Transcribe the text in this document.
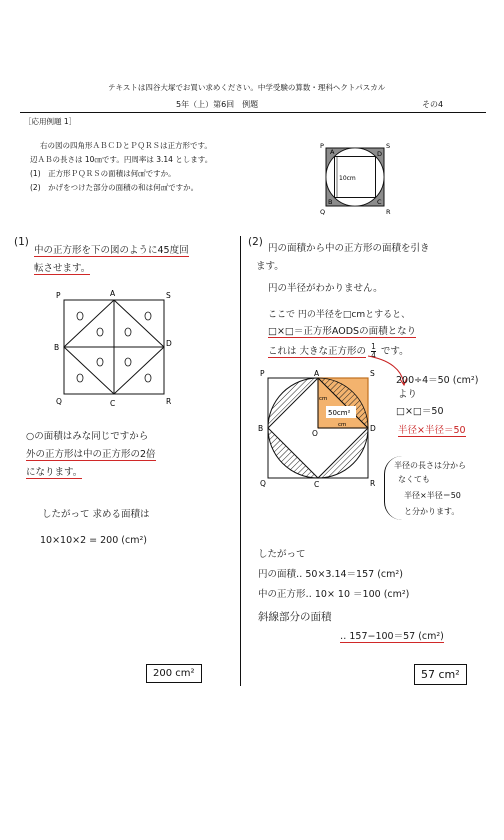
テキストは四谷大塚でお買い求めください。中学受験の算数・理科ヘクトパスカル
5年（上）第6回　例題	その4
［応用例題 1］
右の図の四角形ＡＢＣＤとＰＱＲＳは正方形です。
辺ＡＢの長さは 10㎝です。円周率は 3.14 とします。
(1)　正方形ＰＱＲＳの面積は何㎠ですか。
(2)　かげをつけた部分の面積の和は何㎠ですか。
P
A
S
D
B
Q
C
R
10cm
(1)
中の正方形を下の図のように45度回
転させます。
P	A	S
B	D
Q	C	R
○の面積はみな同じですから
外の正方形は中の正方形の2倍
になります。
したがって 求める面積は
10×10×2 = 200 (cm²)
200 cm²
(2)
円の面積から中の正方形の面積を引き
ます。
円の半径がわかりません。
ここで 円の半径を□cmとすると、
□×□＝正方形AODSの面積となり
これは 大きな正方形の $\frac{1}{4}$ です。
50cm²
cm
cm
P	A	S
B
O
D
Q	C	R
200÷4＝50 (cm²)
より
□×□＝50
半径×半径＝50
半径の長さは分から
なくても
半径×半径＝50
と分かります。
したがって
円の面積‥ 50×3.14＝157 (cm²)
中の正方形‥ 10× 10 ＝100 (cm²)
斜線部分の面積
‥ 157−100＝57 (cm²)
57 cm²
